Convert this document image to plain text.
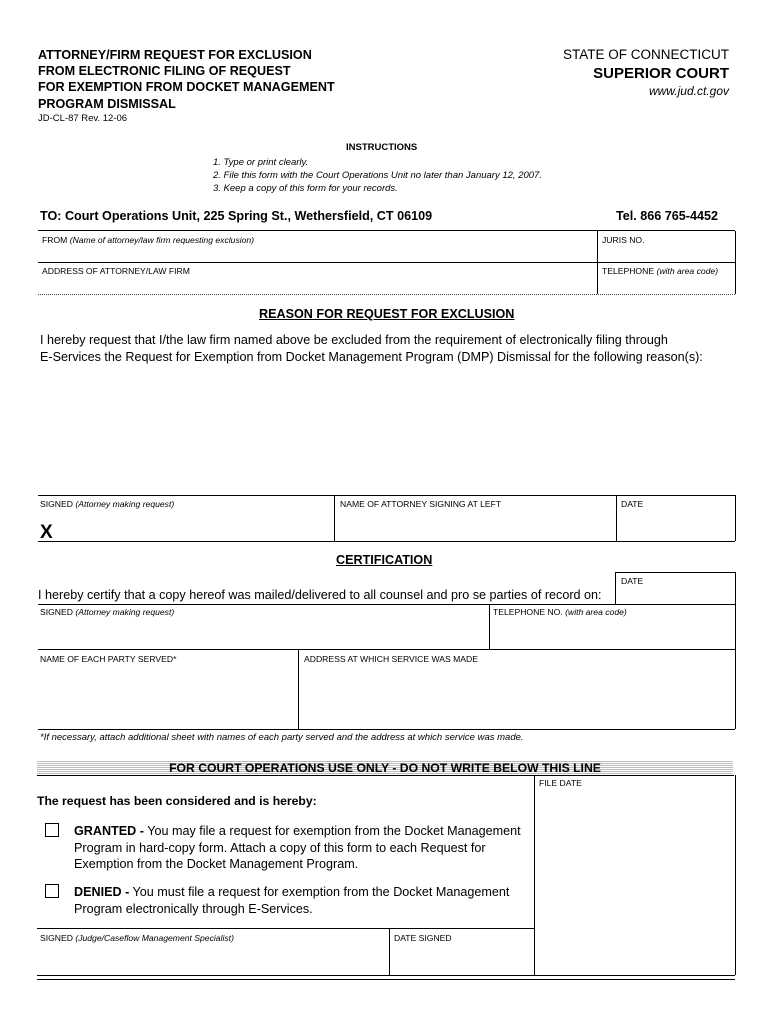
ATTORNEY/FIRM REQUEST FOR EXCLUSION
FROM ELECTRONIC FILING OF REQUEST
FOR EXEMPTION FROM DOCKET MANAGEMENT
PROGRAM DISMISSAL
JD-CL-87 Rev. 12-06
STATE OF CONNECTICUT
SUPERIOR COURT
www.jud.ct.gov
INSTRUCTIONS
1. Type or print clearly.
2. File this form with the Court Operations Unit no later than January 12, 2007.
3. Keep a copy of this form for your records.
TO: Court Operations Unit, 225 Spring St., Wethersfield, CT 06109	Tel. 866 765-4452
FROM (Name of attorney/law firm requesting exclusion)	JURIS NO.
ADDRESS OF ATTORNEY/LAW FIRM	TELEPHONE (with area code)
REASON FOR REQUEST FOR EXCLUSION
I hereby request that I/the law firm named above be excluded from the requirement of electronically filing through
E-Services the Request for Exemption from Docket Management Program (DMP) Dismissal for the following reason(s):
SIGNED (Attorney making request)	NAME OF ATTORNEY SIGNING AT LEFT	DATE
X
CERTIFICATION
DATE
I hereby certify that a copy hereof was mailed/delivered to all counsel and pro se parties of record on:
SIGNED (Attorney making request)	TELEPHONE NO. (with area code)
NAME OF EACH PARTY SERVED*	ADDRESS AT WHICH SERVICE WAS MADE
*If necessary, attach additional sheet with names of each party served and the address at which service was made.
FOR COURT OPERATIONS USE ONLY - DO NOT WRITE BELOW THIS LINE
FILE DATE
The request has been considered and is hereby:
GRANTED - You may file a request for exemption from the Docket Management Program in hard-copy form. Attach a copy of this form to each Request for Exemption from the Docket Management Program.
DENIED - You must file a request for exemption from the Docket Management Program electronically through E-Services.
SIGNED (Judge/Caseflow Management Specialist)	DATE SIGNED
